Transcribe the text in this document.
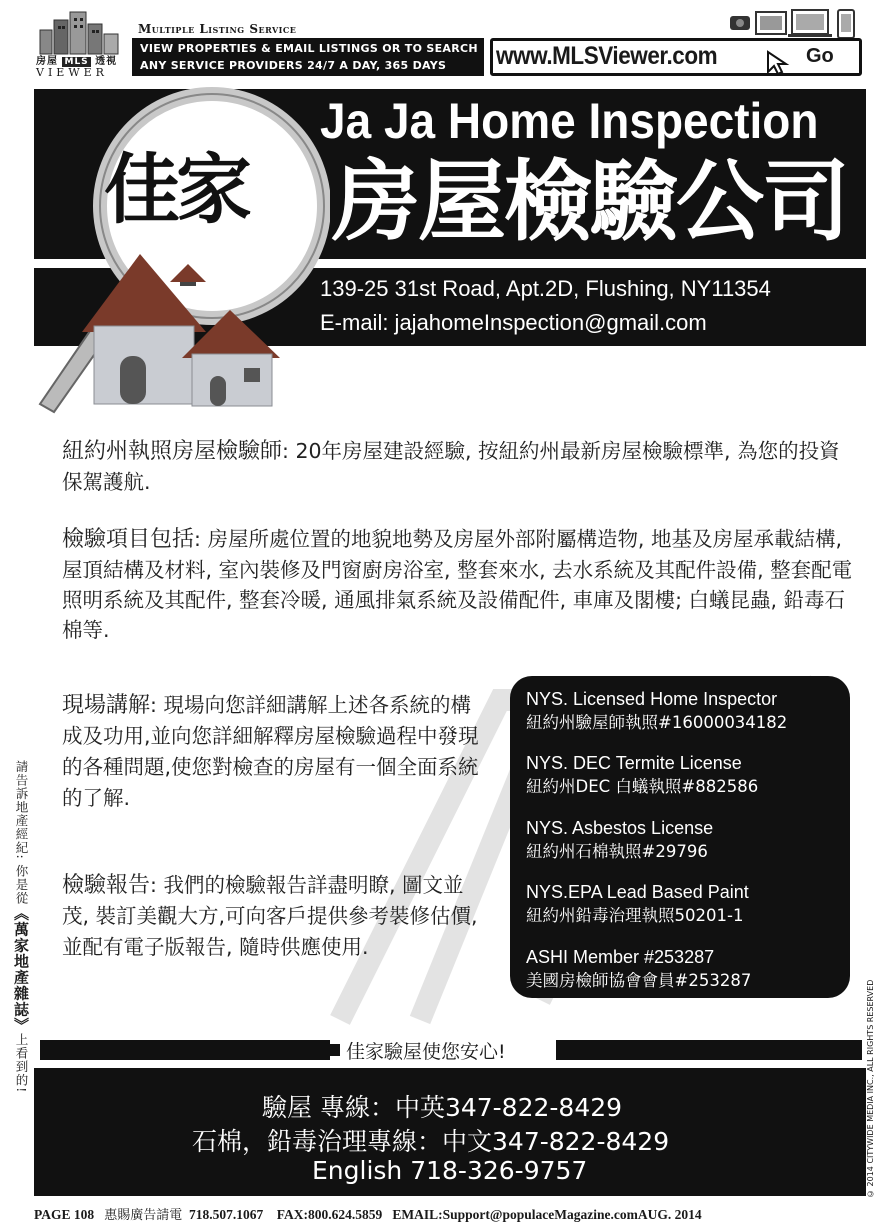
房屋 MLS 透視
VIEWER
Multiple Listing Service
VIEW PROPERTIES & EMAIL LISTINGS OR TO SEARCH
ANY SERVICE PROVIDERS 24/7 A DAY, 365 DAYS	www.MLSViewer.com	Go
Ja Ja Home Inspection
房屋檢驗公司
139-25 31st Road, Apt.2D, Flushing, NY11354
E-mail: jajahomeInspection@gmail.com
佳家
紐約州執照房屋檢驗師: 20年房屋建設經驗, 按紐約州最新房屋檢驗標準, 為您的投資保駕護航.
檢驗項目包括: 房屋所處位置的地貌地勢及房屋外部附屬構造物, 地基及房屋承載結構, 屋頂結構及材料, 室內裝修及門窗廚房浴室, 整套來水, 去水系統及其配件設備, 整套配電照明系統及其配件, 整套冷暖, 通風排氣系統及設備配件, 車庫及閣樓; 白蟻昆蟲, 鉛毒石棉等.
現場講解: 現場向您詳細講解上述各系統的構成及功用,並向您詳細解釋房屋檢驗過程中發現的各種問題,使您對檢查的房屋有一個全面系統的了解.
檢驗報告: 我們的檢驗報告詳盡明瞭, 圖文並茂, 裝訂美觀大方,可向客戶提供參考裝修估價,並配有電子版報告, 隨時供應使用.
NYS. Licensed Home Inspector
紐約州驗屋師執照#16000034182
NYS. DEC Termite License
紐約州DEC 白蟻執照#882586
NYS. Asbestos License
紐約州石棉執照#29796
NYS.EPA Lead Based Paint
紐約州鉛毒治理執照50201-1
ASHI Member #253287
美國房檢師協會會員#253287
佳家驗屋使您安心!
驗屋 專線：中英347-822-8429
石棉，鉛毒治理專線：中文347-822-8429
English 718-326-9757
請告訴地產經紀: 你是從《萬家地產雜誌》上看到的!	© 2014 CITYWIDE MEDIA INC., ALL RIGHTS RESERVED
PAGE 108 惠賜廣告請電 718.507.1067 FAX:800.624.5859 EMAIL:Support@populaceMagazine.comAUG. 2014
